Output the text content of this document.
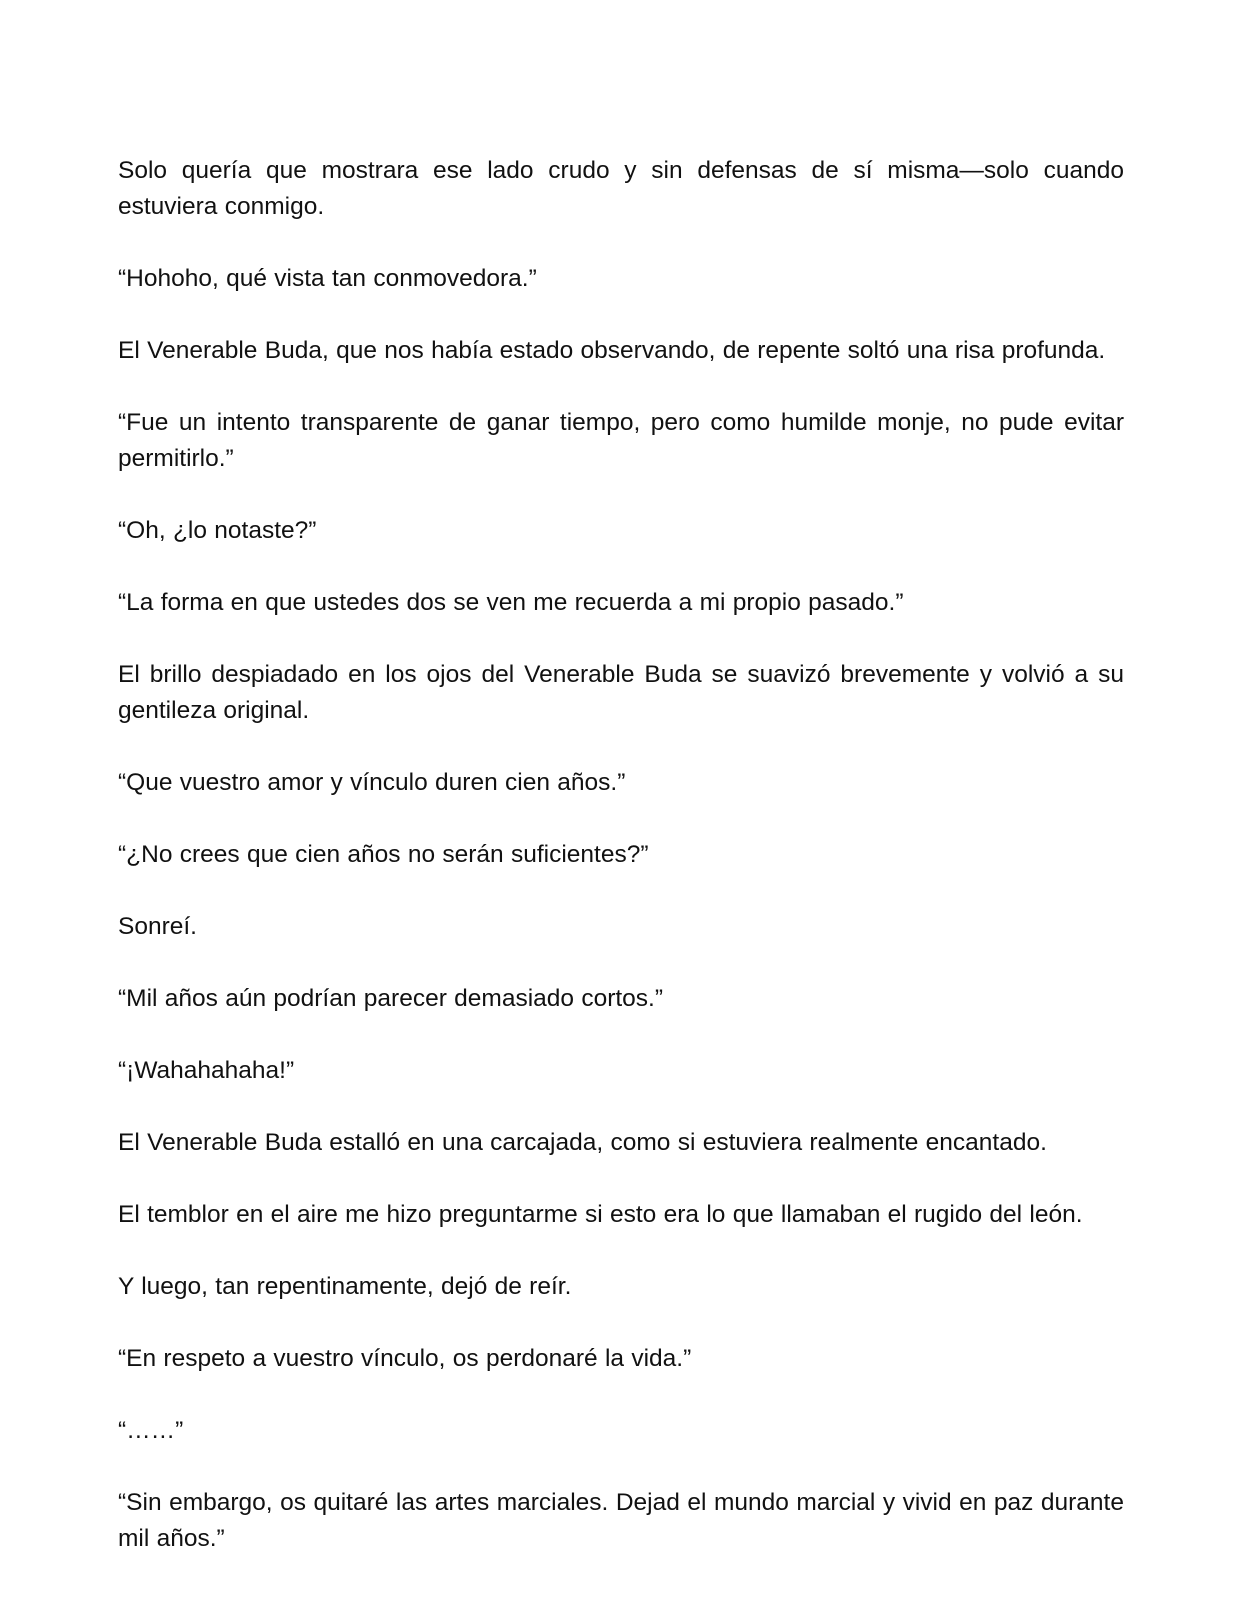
Solo quería que mostrara ese lado crudo y sin defensas de sí misma—solo cuando estuviera conmigo.

“Hohoho, qué vista tan conmovedora.”

El Venerable Buda, que nos había estado observando, de repente soltó una risa profunda.

“Fue un intento transparente de ganar tiempo, pero como humilde monje, no pude evitar permitirlo.”

“Oh, ¿lo notaste?”

“La forma en que ustedes dos se ven me recuerda a mi propio pasado.”

El brillo despiadado en los ojos del Venerable Buda se suavizó brevemente y volvió a su gentileza original.

“Que vuestro amor y vínculo duren cien años.”

“¿No crees que cien años no serán suficientes?”

Sonreí.

“Mil años aún podrían parecer demasiado cortos.”

“¡Wahahahaha!”

El Venerable Buda estalló en una carcajada, como si estuviera realmente encantado.

El temblor en el aire me hizo preguntarme si esto era lo que llamaban el rugido del león.

Y luego, tan repentinamente, dejó de reír.

“En respeto a vuestro vínculo, os perdonaré la vida.”

“……”

“Sin embargo, os quitaré las artes marciales. Dejad el mundo marcial y vivid en paz durante mil años.”
